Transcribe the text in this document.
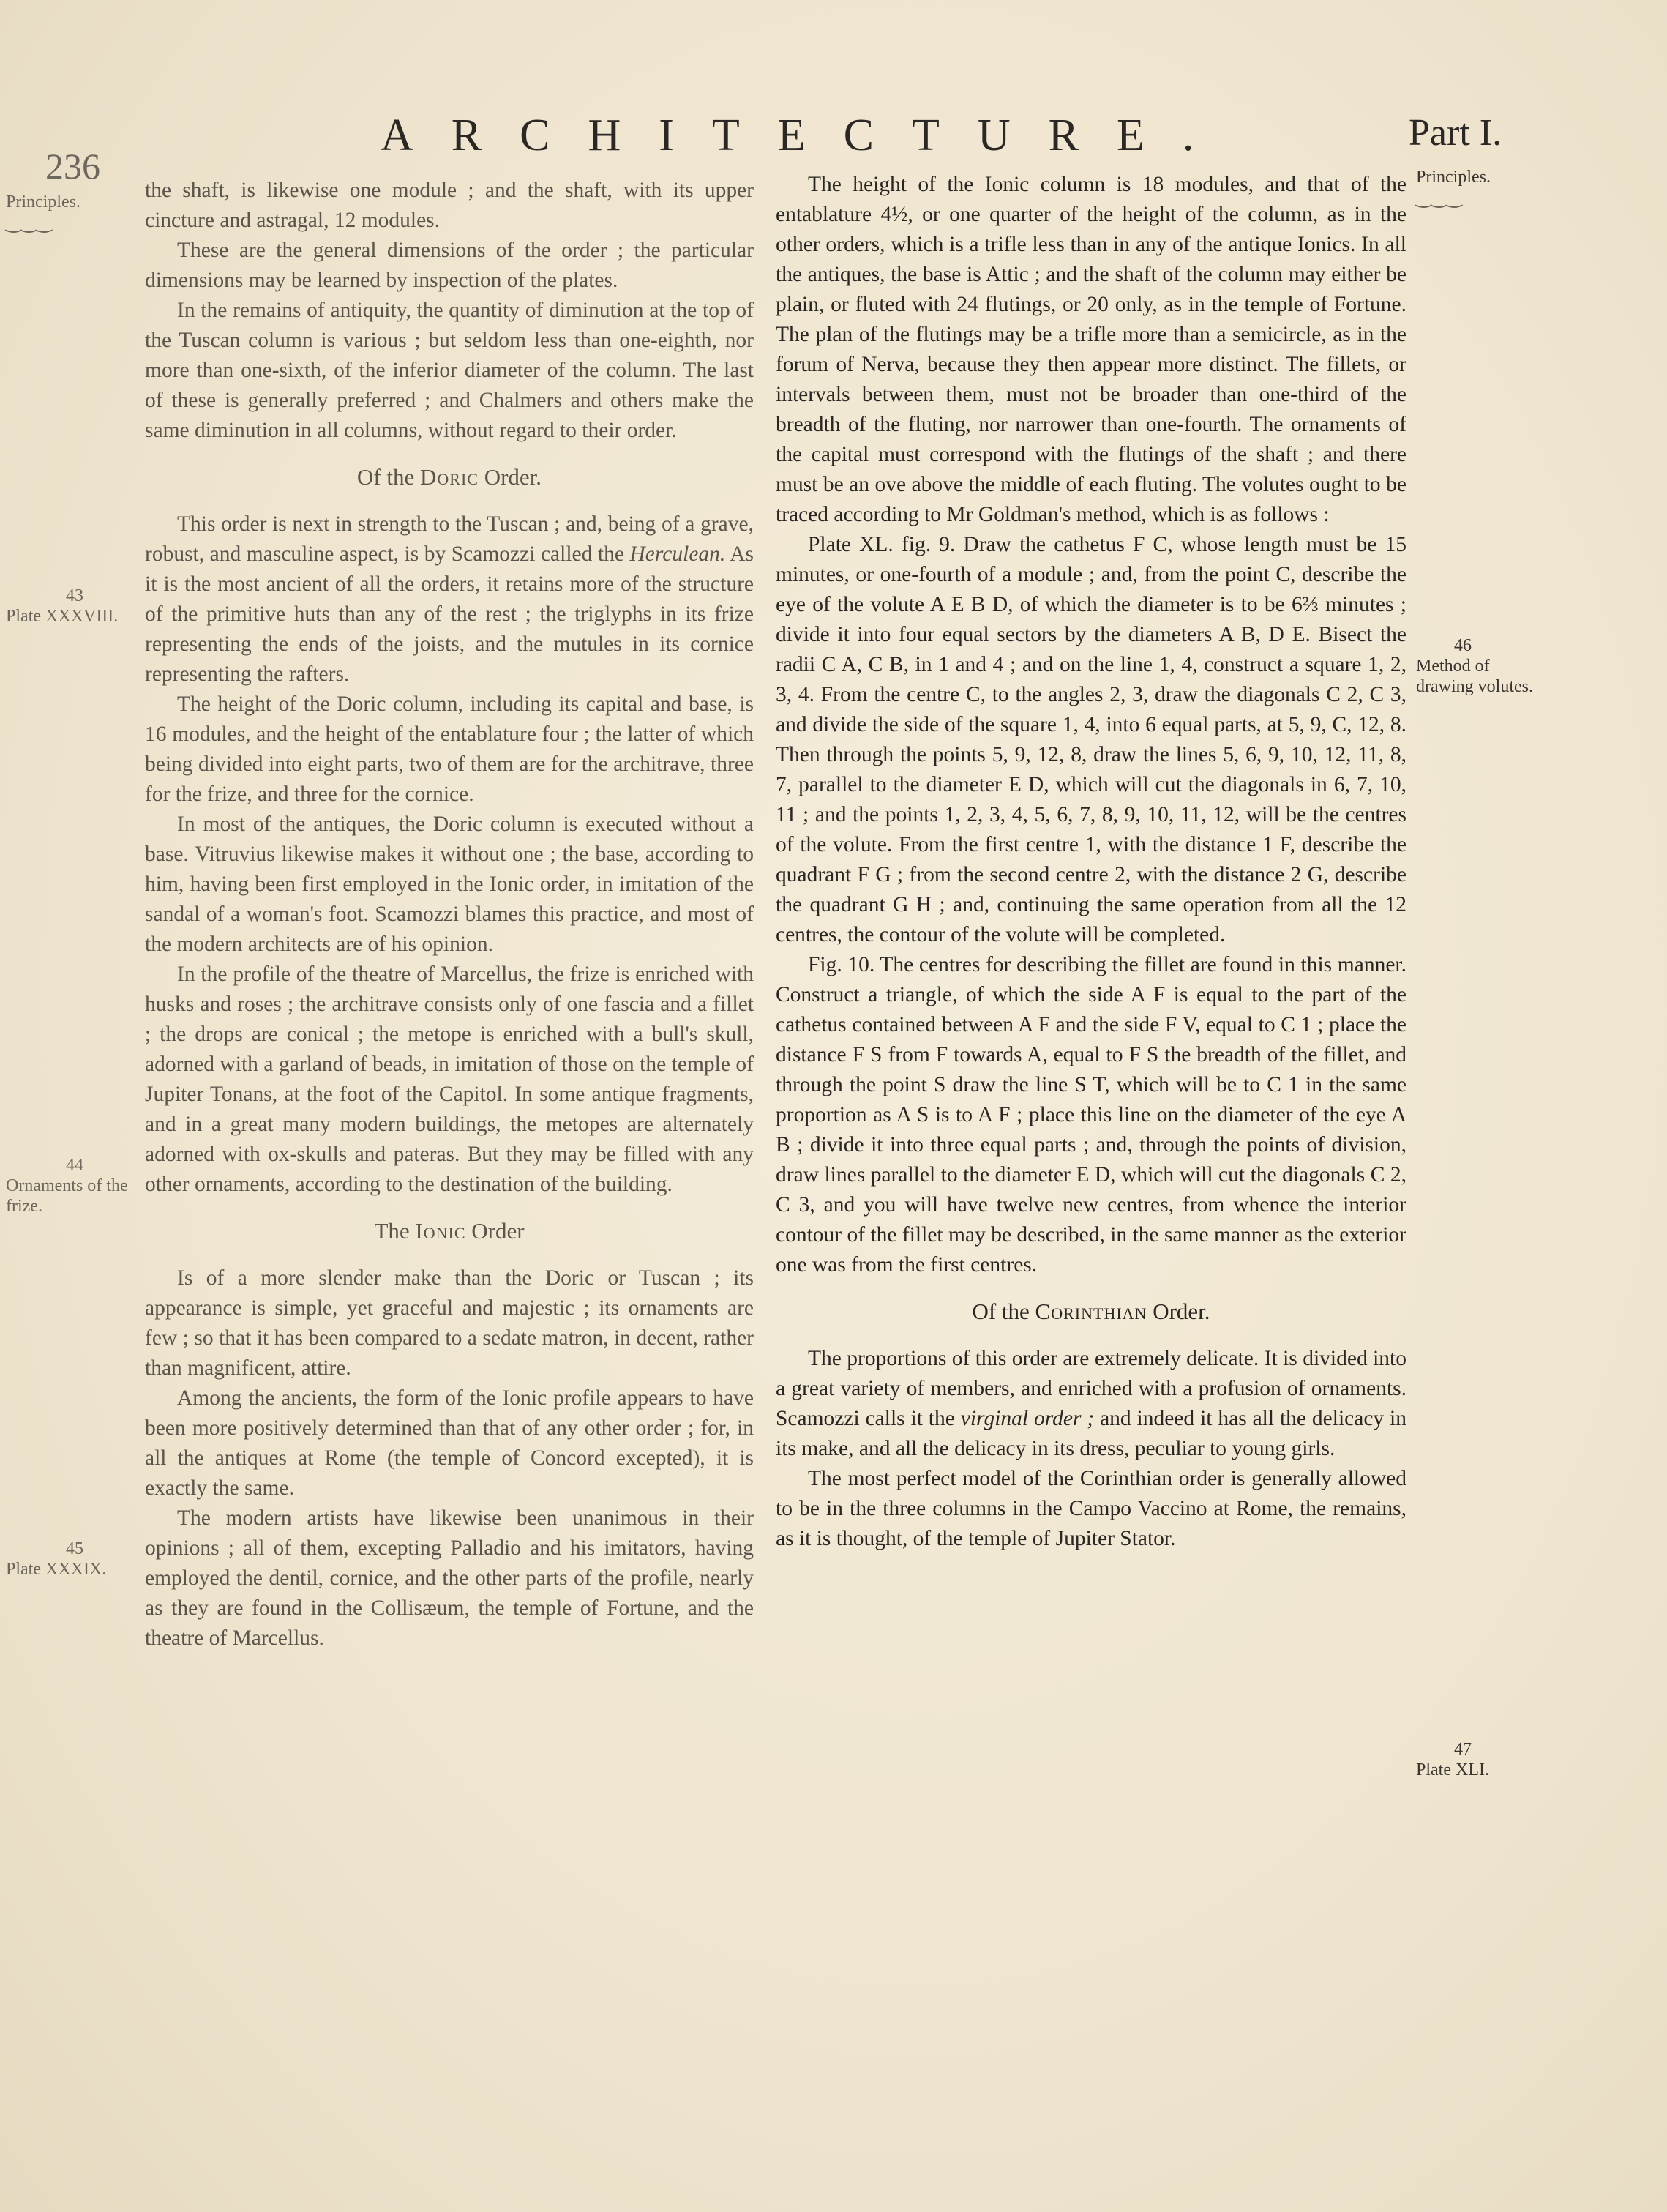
236
ARCHITECTURE.	Part I.
Principles.
‿‿‿
43
Plate XXXVIII.
44
Ornaments of the frize.
45
Plate XXXIX.
Principles.
‿‿‿
46
Method of drawing volutes.
47
Plate XLI.

the shaft, is likewise one module ; and the shaft, with its upper cincture and astragal, 12 modules.

These are the general dimensions of the order ; the particular dimensions may be learned by inspection of the plates.

In the remains of antiquity, the quantity of diminution at the top of the Tuscan column is various ; but seldom less than one-eighth, nor more than one-sixth, of the inferior diameter of the column. The last of these is generally preferred ; and Chalmers and others make the same diminution in all columns, without regard to their order.

Of the Doric Order.

This order is next in strength to the Tuscan ; and, being of a grave, robust, and masculine aspect, is by Scamozzi called the Herculean. As it is the most ancient of all the orders, it retains more of the structure of the primitive huts than any of the rest ; the triglyphs in its frize representing the ends of the joists, and the mutules in its cornice representing the rafters.

The height of the Doric column, including its capital and base, is 16 modules, and the height of the entablature four ; the latter of which being divided into eight parts, two of them are for the architrave, three for the frize, and three for the cornice.

In most of the antiques, the Doric column is executed without a base. Vitruvius likewise makes it without one ; the base, according to him, having been first employed in the Ionic order, in imitation of the sandal of a woman's foot. Scamozzi blames this practice, and most of the modern architects are of his opinion.

In the profile of the theatre of Marcellus, the frize is enriched with husks and roses ; the architrave consists only of one fascia and a fillet ; the drops are conical ; the metope is enriched with a bull's skull, adorned with a garland of beads, in imitation of those on the temple of Jupiter Tonans, at the foot of the Capitol. In some antique fragments, and in a great many modern buildings, the metopes are alternately adorned with ox-skulls and pateras. But they may be filled with any other ornaments, according to the destination of the building.

The Ionic Order

Is of a more slender make than the Doric or Tuscan ; its appearance is simple, yet graceful and majestic ; its ornaments are few ; so that it has been compared to a sedate matron, in decent, rather than magnificent, attire.

Among the ancients, the form of the Ionic profile appears to have been more positively determined than that of any other order ; for, in all the antiques at Rome (the temple of Concord excepted), it is exactly the same.

The modern artists have likewise been unanimous in their opinions ; all of them, excepting Palladio and his imitators, having employed the dentil, cornice, and the other parts of the profile, nearly as they are found in the Collisæum, the temple of Fortune, and the theatre of Marcellus.

The height of the Ionic column is 18 modules, and that of the entablature 4½, or one quarter of the height of the column, as in the other orders, which is a trifle less than in any of the antique Ionics. In all the antiques, the base is Attic ; and the shaft of the column may either be plain, or fluted with 24 flutings, or 20 only, as in the temple of Fortune. The plan of the flutings may be a trifle more than a semicircle, as in the forum of Nerva, because they then appear more distinct. The fillets, or intervals between them, must not be broader than one-third of the breadth of the fluting, nor narrower than one-fourth. The ornaments of the capital must correspond with the flutings of the shaft ; and there must be an ove above the middle of each fluting. The volutes ought to be traced according to Mr Goldman's method, which is as follows :

Plate XL. fig. 9. Draw the cathetus F C, whose length must be 15 minutes, or one-fourth of a module ; and, from the point C, describe the eye of the volute A E B D, of which the diameter is to be 6⅔ minutes ; divide it into four equal sectors by the diameters A B, D E. Bisect the radii C A, C B, in 1 and 4 ; and on the line 1, 4, construct a square 1, 2, 3, 4. From the centre C, to the angles 2, 3, draw the diagonals C 2, C 3, and divide the side of the square 1, 4, into 6 equal parts, at 5, 9, C, 12, 8. Then through the points 5, 9, 12, 8, draw the lines 5, 6, 9, 10, 12, 11, 8, 7, parallel to the diameter E D, which will cut the diagonals in 6, 7, 10, 11 ; and the points 1, 2, 3, 4, 5, 6, 7, 8, 9, 10, 11, 12, will be the centres of the volute. From the first centre 1, with the distance 1 F, describe the quadrant F G ; from the second centre 2, with the distance 2 G, describe the quadrant G H ; and, continuing the same operation from all the 12 centres, the contour of the volute will be completed.

Fig. 10. The centres for describing the fillet are found in this manner. Construct a triangle, of which the side A F is equal to the part of the cathetus contained between A F and the side F V, equal to C 1 ; place the distance F S from F towards A, equal to F S the breadth of the fillet, and through the point S draw the line S T, which will be to C 1 in the same proportion as A S is to A F ; place this line on the diameter of the eye A B ; divide it into three equal parts ; and, through the points of division, draw lines parallel to the diameter E D, which will cut the diagonals C 2, C 3, and you will have twelve new centres, from whence the interior contour of the fillet may be described, in the same manner as the exterior one was from the first centres.

Of the Corinthian Order.

The proportions of this order are extremely delicate. It is divided into a great variety of members, and enriched with a profusion of ornaments. Scamozzi calls it the virginal order ; and indeed it has all the delicacy in its make, and all the delicacy in its dress, peculiar to young girls.

The most perfect model of the Corinthian order is generally allowed to be in the three columns in the Campo Vaccino at Rome, the remains, as it is thought, of the temple of Jupiter Stator.
